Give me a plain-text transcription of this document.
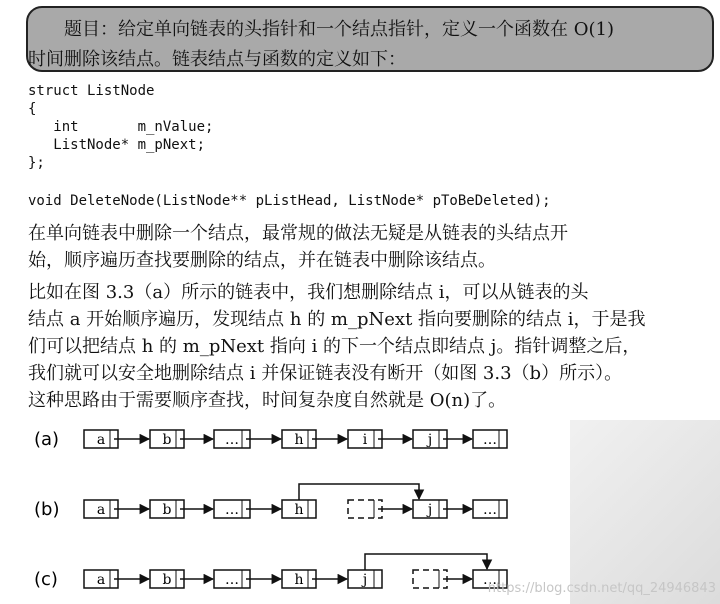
题目：给定单向链表的头指针和一个结点指针，定义一个函数在 O(1)
时间删除该结点。链表结点与函数的定义如下：
struct ListNode
{
int       m_nValue;
ListNode* m_pNext;
};
void DeleteNode(ListNode** pListHead, ListNode* pToBeDeleted);
在单向链表中删除一个结点，最常规的做法无疑是从链表的头结点开
始，顺序遍历查找要删除的结点，并在链表中删除该结点。
比如在图 3.3（a）所示的链表中，我们想删除结点 i，可以从链表的头
结点 a 开始顺序遍历，发现结点 h 的 m_pNext 指向要删除的结点 i，于是我
们可以把结点 h 的 m_pNext 指向 i 的下一个结点即结点 j。指针调整之后，
我们就可以安全地删除结点 i 并保证链表没有断开（如图 3.3（b）所示）。
这种思路由于需要顺序查找，时间复杂度自然就是 O(n)了。
(a)	a	b	…	h	i	j	…
(b)	a	b	…	h	j	…
(c)	a	b	…	h	j	…
https://blog.csdn.net/qq_24946843
